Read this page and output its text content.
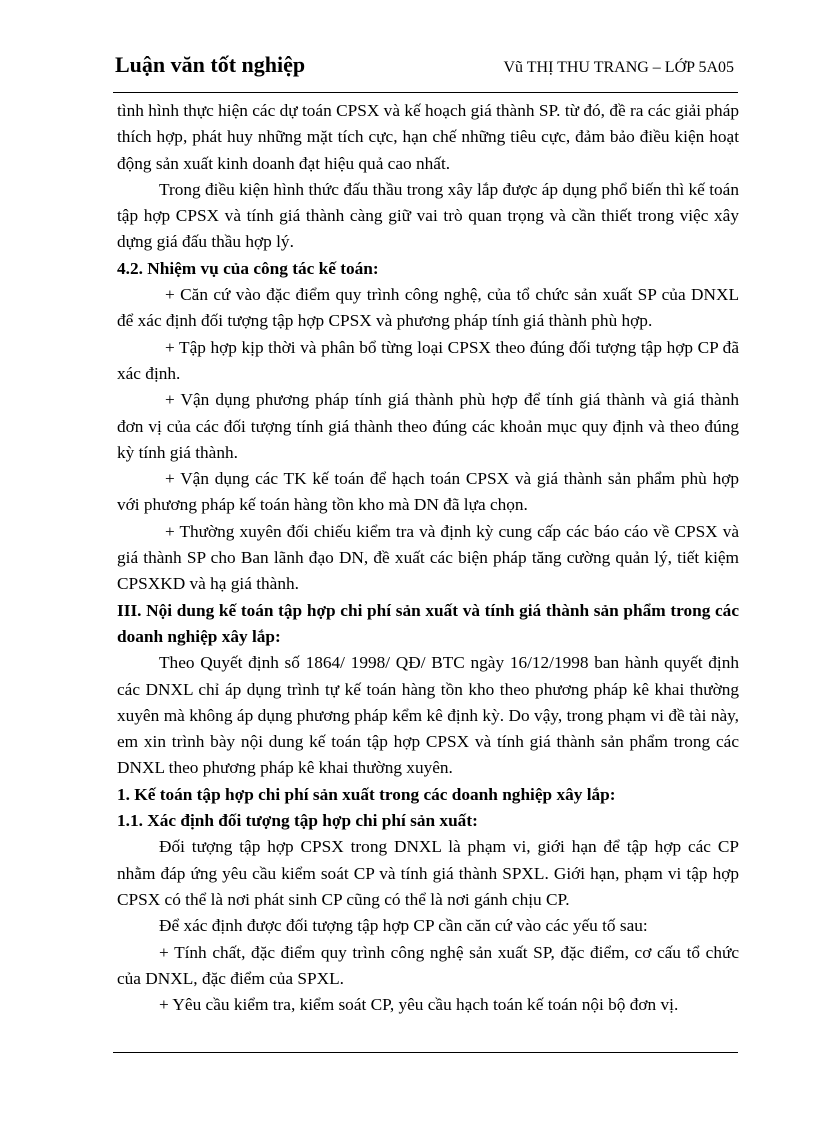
Luận văn tốt nghiệp	Vũ THỊ THU TRANG – LỚP 5A05

tình hình thực hiện các dự toán CPSX và kế hoạch giá thành SP. từ đó, đề ra các giải pháp thích hợp, phát huy những mặt tích cực, hạn chế những tiêu cực, đảm bảo điều kiện hoạt động sản xuất kinh doanh đạt hiệu quả cao nhất.

Trong điều kiện hình thức đấu thầu trong xây lắp được áp dụng phổ biến thì kế toán tập hợp CPSX và tính giá thành càng giữ vai trò quan trọng và cần thiết trong việc xây dựng giá đấu thầu hợp lý.

4.2. Nhiệm vụ của công tác kế toán:

+ Căn cứ vào đặc điểm quy trình công nghệ, của tổ chức sản xuất SP của DNXL để xác định đối tượng tập hợp CPSX và phương pháp tính giá thành phù hợp.

+ Tập hợp kịp thời và phân bổ từng loại CPSX theo đúng đối tượng tập hợp CP đã xác định.

+ Vận dụng phương pháp tính giá thành phù hợp để tính giá thành và giá thành đơn vị của các đối tượng tính giá thành theo đúng các khoản mục quy định và theo đúng kỳ tính giá thành.

+ Vận dụng các TK kế toán để hạch toán CPSX và giá thành sản phẩm phù hợp với phương pháp kế toán hàng tồn kho mà DN đã lựa chọn.

+ Thường xuyên đối chiếu kiểm tra và định kỳ cung cấp các báo cáo về CPSX và giá thành SP cho Ban lãnh đạo DN, đề xuất các biện pháp tăng cường quản lý, tiết kiệm CPSXKD và hạ giá thành.

III. Nội dung kế toán tập hợp chi phí sản xuất và tính giá thành sản phẩm trong các doanh nghiệp xây lắp:

Theo Quyết định số 1864/ 1998/ QĐ/ BTC ngày 16/12/1998 ban hành quyết định các DNXL chỉ áp dụng trình tự kế toán hàng tồn kho theo phương pháp kê khai thường xuyên mà không áp dụng phương pháp kểm kê định kỳ. Do vậy, trong phạm vi đề tài này, em xin trình bày nội dung kế toán tập hợp CPSX và tính giá thành sản phẩm trong các DNXL theo phương pháp kê khai thường xuyên.

1. Kế toán tập hợp chi phí sản xuất trong các doanh nghiệp xây lắp:

1.1. Xác định đối tượng tập hợp chi phí sản xuất:

Đối tượng tập hợp CPSX trong DNXL là phạm vi, giới hạn để tập hợp các CP nhằm đáp ứng yêu cầu kiểm soát CP và tính giá thành SPXL. Giới hạn, phạm vi tập hợp CPSX có thể là nơi phát sinh CP cũng có thể là nơi gánh chịu CP.

Để xác định được đối tượng tập hợp CP cần căn cứ vào các yếu tố sau:

+ Tính chất, đặc điểm quy trình công nghệ sản xuất SP, đặc điểm, cơ cấu tổ chức của DNXL, đặc điểm của SPXL.

+ Yêu cầu kiểm tra, kiểm soát CP, yêu cầu hạch toán kế toán nội bộ đơn vị.
